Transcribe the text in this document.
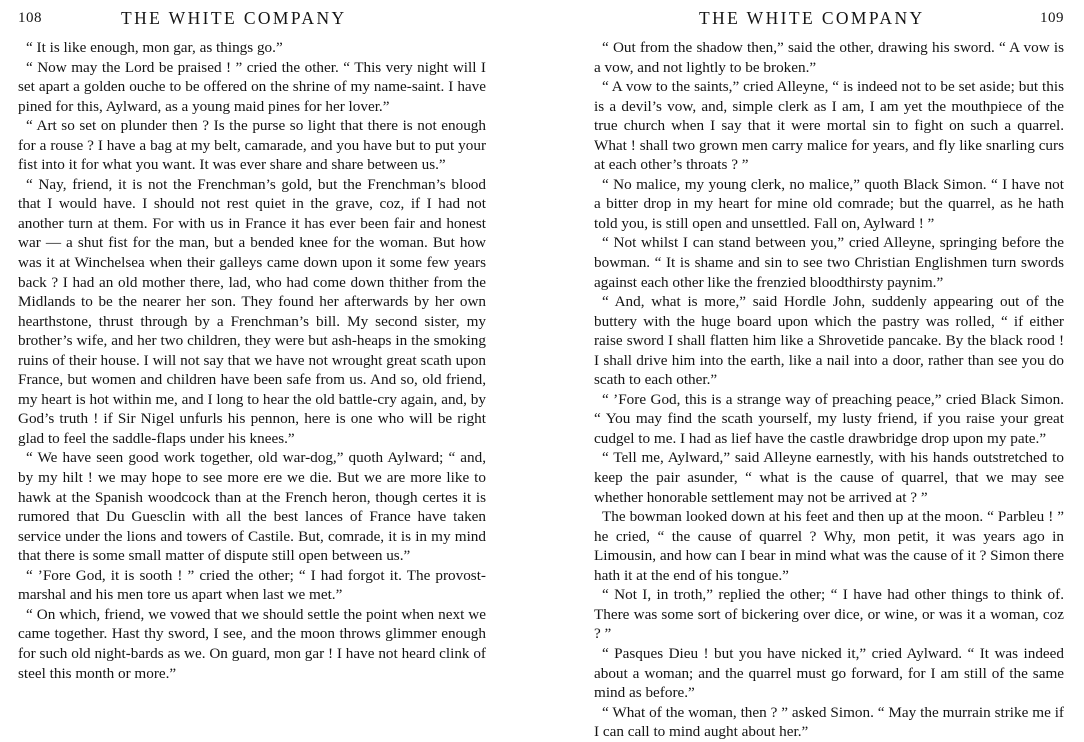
108	THE WHITE COMPANY

“ It is like enough, mon gar, as things go.”

“ Now may the Lord be praised ! ” cried the other. “ This very night will I set apart a golden ouche to be offered on the shrine of my name-saint. I have pined for this, Aylward, as a young maid pines for her lover.”

“ Art so set on plunder then ? Is the purse so light that there is not enough for a rouse ? I have a bag at my belt, camarade, and you have but to put your fist into it for what you want. It was ever share and share between us.”

“ Nay, friend, it is not the Frenchman’s gold, but the Frenchman’s blood that I would have. I should not rest quiet in the grave, coz, if I had not another turn at them. For with us in France it has ever been fair and honest war — a shut fist for the man, but a bended knee for the woman. But how was it at Winchelsea when their galleys came down upon it some few years back ? I had an old mother there, lad, who had come down thither from the Midlands to be the nearer her son. They found her afterwards by her own hearthstone, thrust through by a Frenchman’s bill. My second sister, my brother’s wife, and her two children, they were but ash-heaps in the smoking ruins of their house. I will not say that we have not wrought great scath upon France, but women and children have been safe from us. And so, old friend, my heart is hot within me, and I long to hear the old battle-cry again, and, by God’s truth ! if Sir Nigel unfurls his pennon, here is one who will be right glad to feel the saddle-flaps under his knees.”

“ We have seen good work together, old war-dog,” quoth Aylward; “ and, by my hilt ! we may hope to see more ere we die. But we are more like to hawk at the Spanish woodcock than at the French heron, though certes it is rumored that Du Guesclin with all the best lances of France have taken service under the lions and towers of Castile. But, comrade, it is in my mind that there is some small matter of dispute still open between us.”

“ ’Fore God, it is sooth ! ” cried the other; “ I had forgot it. The provost-marshal and his men tore us apart when last we met.”

“ On which, friend, we vowed that we should settle the point when next we came together. Hast thy sword, I see, and the moon throws glimmer enough for such old night-bards as we. On guard, mon gar ! I have not heard clink of steel this month or more.”

THE WHITE COMPANY	109

“ Out from the shadow then,” said the other, drawing his sword. “ A vow is a vow, and not lightly to be broken.”

“ A vow to the saints,” cried Alleyne, “ is indeed not to be set aside; but this is a devil’s vow, and, simple clerk as I am, I am yet the mouthpiece of the true church when I say that it were mortal sin to fight on such a quarrel. What ! shall two grown men carry malice for years, and fly like snarling curs at each other’s throats ? ”

“ No malice, my young clerk, no malice,” quoth Black Simon. “ I have not a bitter drop in my heart for mine old comrade; but the quarrel, as he hath told you, is still open and unsettled. Fall on, Aylward ! ”

“ Not whilst I can stand between you,” cried Alleyne, springing before the bowman. “ It is shame and sin to see two Christian Englishmen turn swords against each other like the frenzied bloodthirsty paynim.”

“ And, what is more,” said Hordle John, suddenly appearing out of the buttery with the huge board upon which the pastry was rolled, “ if either raise sword I shall flatten him like a Shrovetide pancake. By the black rood ! I shall drive him into the earth, like a nail into a door, rather than see you do scath to each other.”

“ ’Fore God, this is a strange way of preaching peace,” cried Black Simon. “ You may find the scath yourself, my lusty friend, if you raise your great cudgel to me. I had as lief have the castle drawbridge drop upon my pate.”

“ Tell me, Aylward,” said Alleyne earnestly, with his hands outstretched to keep the pair asunder, “ what is the cause of quarrel, that we may see whether honorable settlement may not be arrived at ? ”

The bowman looked down at his feet and then up at the moon. “ Parbleu ! ” he cried, “ the cause of quarrel ? Why, mon petit, it was years ago in Limousin, and how can I bear in mind what was the cause of it ? Simon there hath it at the end of his tongue.”

“ Not I, in troth,” replied the other; “ I have had other things to think of. There was some sort of bickering over dice, or wine, or was it a woman, coz ? ”

“ Pasques Dieu ! but you have nicked it,” cried Aylward. “ It was indeed about a woman; and the quarrel must go forward, for I am still of the same mind as before.”

“ What of the woman, then ? ” asked Simon. “ May the murrain strike me if I can call to mind aught about her.”
